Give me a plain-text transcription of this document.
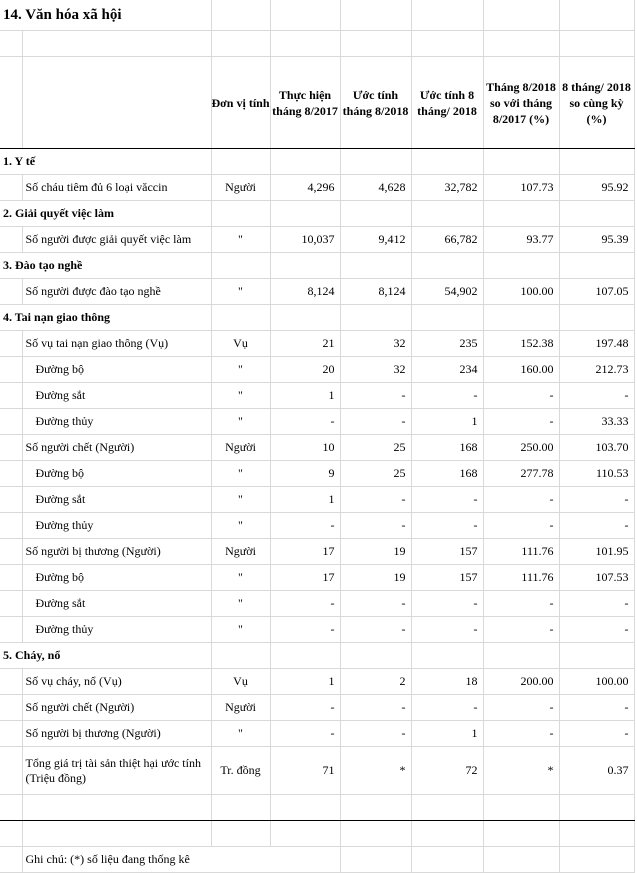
14. Văn hóa xã hội							

		Đơn vị tính	Thực hiện tháng 8/2017	Ước tính tháng 8/2018	Ước tính 8 tháng/ 2018	Tháng 8/2018 so với tháng 8/2017 (%)	8 tháng/ 2018 so cùng kỳ (%)
1. Y tế							
	Số cháu tiêm đủ 6 loại văccin	Người	4,296	4,628	32,782	107.73	95.92
2. Giải quyết việc làm							
	Số người được giải quyết việc làm	"	10,037	9,412	66,782	93.77	95.39
3. Đào tạo nghề							
	Số người được đào tạo nghề	"	8,124	8,124	54,902	100.00	107.05
4. Tai nạn giao thông							
	Số vụ tai nạn giao thông (Vụ)	Vụ	21	32	235	152.38	197.48
	Đường bộ	"	20	32	234	160.00	212.73
	Đường sắt	"	1	-	-	-	-
	Đường thủy	"	-	-	1	-	33.33
	Số người chết (Người)	Người	10	25	168	250.00	103.70
	Đường bộ	"	9	25	168	277.78	110.53
	Đường sắt	"	1	-	-	-	-
	Đường thủy	"	-	-	-	-	-
	Số người bị thương (Người)	Người	17	19	157	111.76	101.95
	Đường bộ	"	17	19	157	111.76	107.53
	Đường sắt	"	-	-	-	-	-
	Đường thủy	"	-	-	-	-	-
5. Cháy, nổ							
	Số vụ cháy, nổ (Vụ)	Vụ	1	2	18	200.00	100.00
	Số người chết (Người)	Người	-	-	-	-	-
	Số người bị thương (Người)	"	-	-	1	-	-
	Tổng giá trị tài sản thiệt hại ước tính (Triệu đồng)	Tr. đồng	71	*	72	*	0.37

	Ghi chú: (*) số liệu đang thống kê						
